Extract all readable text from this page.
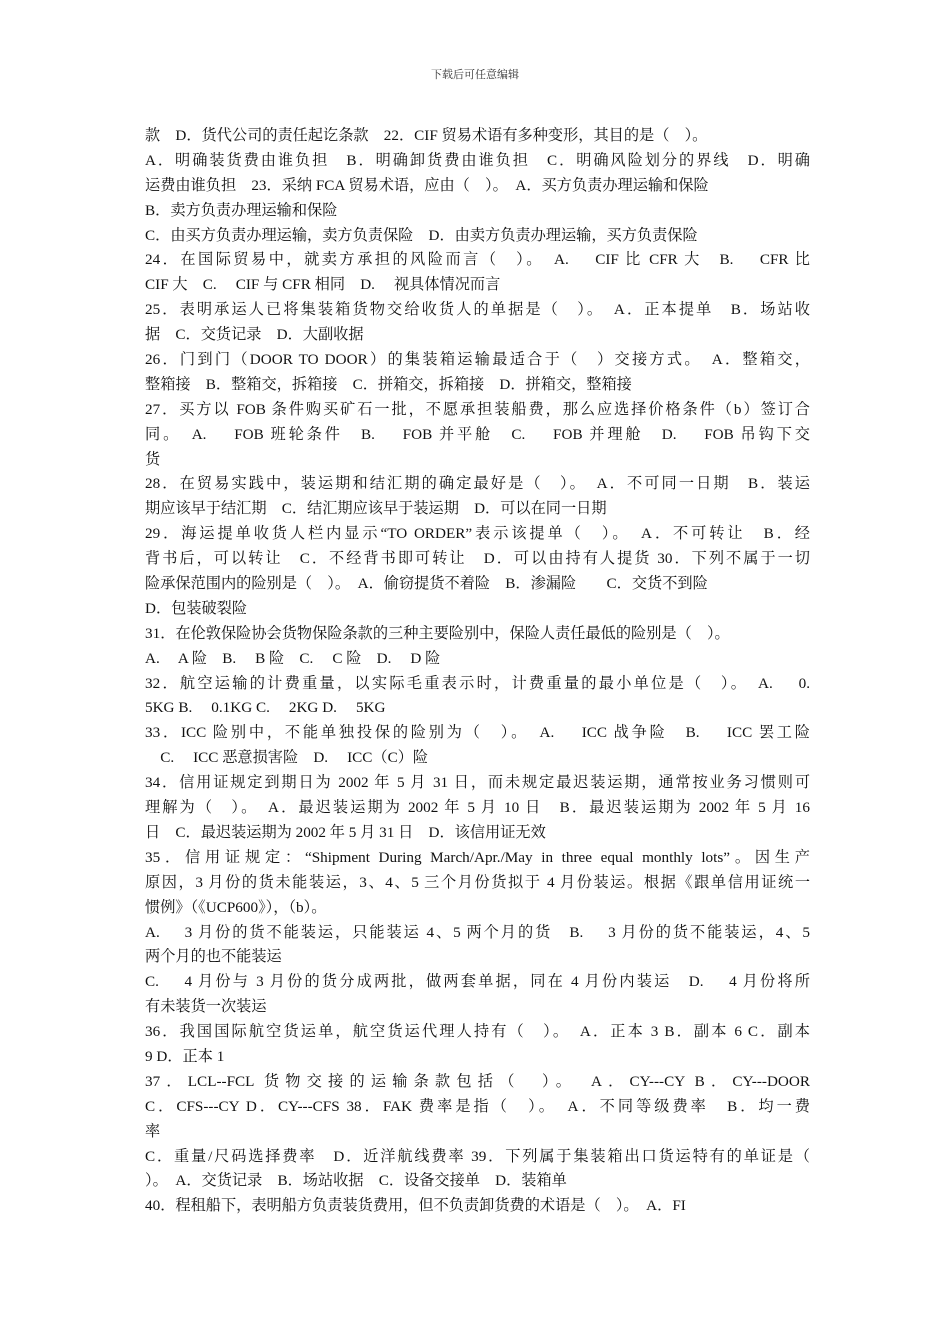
下载后可任意编辑
款　D．货代公司的责任起讫条款　22．CIF 贸易术语有多种变形，其目的是（　）。
A．明确装货费由谁负担　B．明确卸货费由谁负担　C．明确风险划分的界线　D．明确
运费由谁负担　23．采纳 FCA 贸易术语，应由（　）。　A．买方负责办理运输和保险
B．卖方负责办理运输和保险
C．由买方负责办理运输，卖方负责保险　D．由卖方负责办理运输，买方负责保险
24．在国际贸易中，就卖方承担的风险而言（　）。　A.　 CIF 比 CFR 大　B.　 CFR 比
CIF 大　C.　 CIF 与 CFR 相同　D.　 视具体情况而言
25．表明承运人已将集装箱货物交给收货人的单据是（　）。　A．正本提单　B．场站收
据　C．交货记录　D．大副收据
26．门到门（DOOR TO DOOR）的集装箱运输最适合于（　）交接方式。　A．整箱交，
整箱接　B．整箱交，拆箱接　C．拼箱交，拆箱接　D．拼箱交，整箱接
27．买方以 FOB 条件购买矿石一批，不愿承担装船费，那么应选择价格条件（b）签订合
同。　A.　 FOB 班轮条件　B.　 FOB 并平舱　C.　 FOB 并理舱　D.　 FOB 吊钩下交
货
28．在贸易实践中，装运期和结汇期的确定最好是（　）。　A．不可同一日期　B．装运
期应该早于结汇期　C．结汇期应该早于装运期　D．可以在同一日期
29．海运提单收货人栏内显示“TO ORDER”表示该提单（　）。　A．不可转让　B．经
背书后，可以转让　C．不经背书即可转让　D．可以由持有人提货 30．下列不属于一切
险承保范围内的险别是（　）。　A．偷窃提货不着险　B．渗漏险　　C．交货不到险
D．包装破裂险
31．在伦敦保险协会货物保险条款的三种主要险别中，保险人责任最低的险别是（　）。
A.　 A 险　B.　 B 险　C.　 C 险　D.　 D 险
32．航空运输的计费重量，以实际毛重表示时，计费重量的最小单位是（　）。　A.　 0.
5KG B.　 0.1KG C.　 2KG D.　 5KG
33．ICC 险别中，不能单独投保的险别为（　）。　A.　 ICC 战争险　B.　 ICC 罢工险
　C.　 ICC 恶意损害险　D.　 ICC（C）险
34．信用证规定到期日为 2002 年 5 月 31 日，而未规定最迟装运期，通常按业务习惯则可
理解为（　）。　A．最迟装运期为 2002 年 5 月 10 日　B．最迟装运期为 2002 年 5 月 16
日　C．最迟装运期为 2002 年 5 月 31 日　D．该信用证无效
35．信用证规定：“Shipment During March/Apr./May in three equal monthly lots”。因生产
原因，3 月份的货未能装运，3、4、5 三个月份货拟于 4 月份装运。根据《跟单信用证统一
惯例》（《UCP600》），（b）。
A.　 3 月份的货不能装运，只能装运 4、5 两个月的货　B.　 3 月份的货不能装运，4、5
两个月的也不能装运
C.　 4 月份与 3 月份的货分成两批，做两套单据，同在 4 月份内装运　D.　 4 月份将所
有未装货一次装运
36．我国国际航空货运单，航空货运代理人持有（　）。　A．正本 3 B．副本 6 C．副本
9 D．正本 1
37．LCL--FCL 货物交接的运输条款包括（　）。　A．CY---CY B．CY---DOOR
C．CFS---CY D．CY---CFS 38．FAK 费率是指（　）。　A．不同等级费率　B．均一费
率
C．重量/尺码选择费率　D．近洋航线费率 39．下列属于集装箱出口货运特有的单证是（
）。　A．交货记录　B．场站收据　C．设备交接单　D．装箱单
40．程租船下，表明船方负责装货费用，但不负责卸货费的术语是（　）。　A．FI
